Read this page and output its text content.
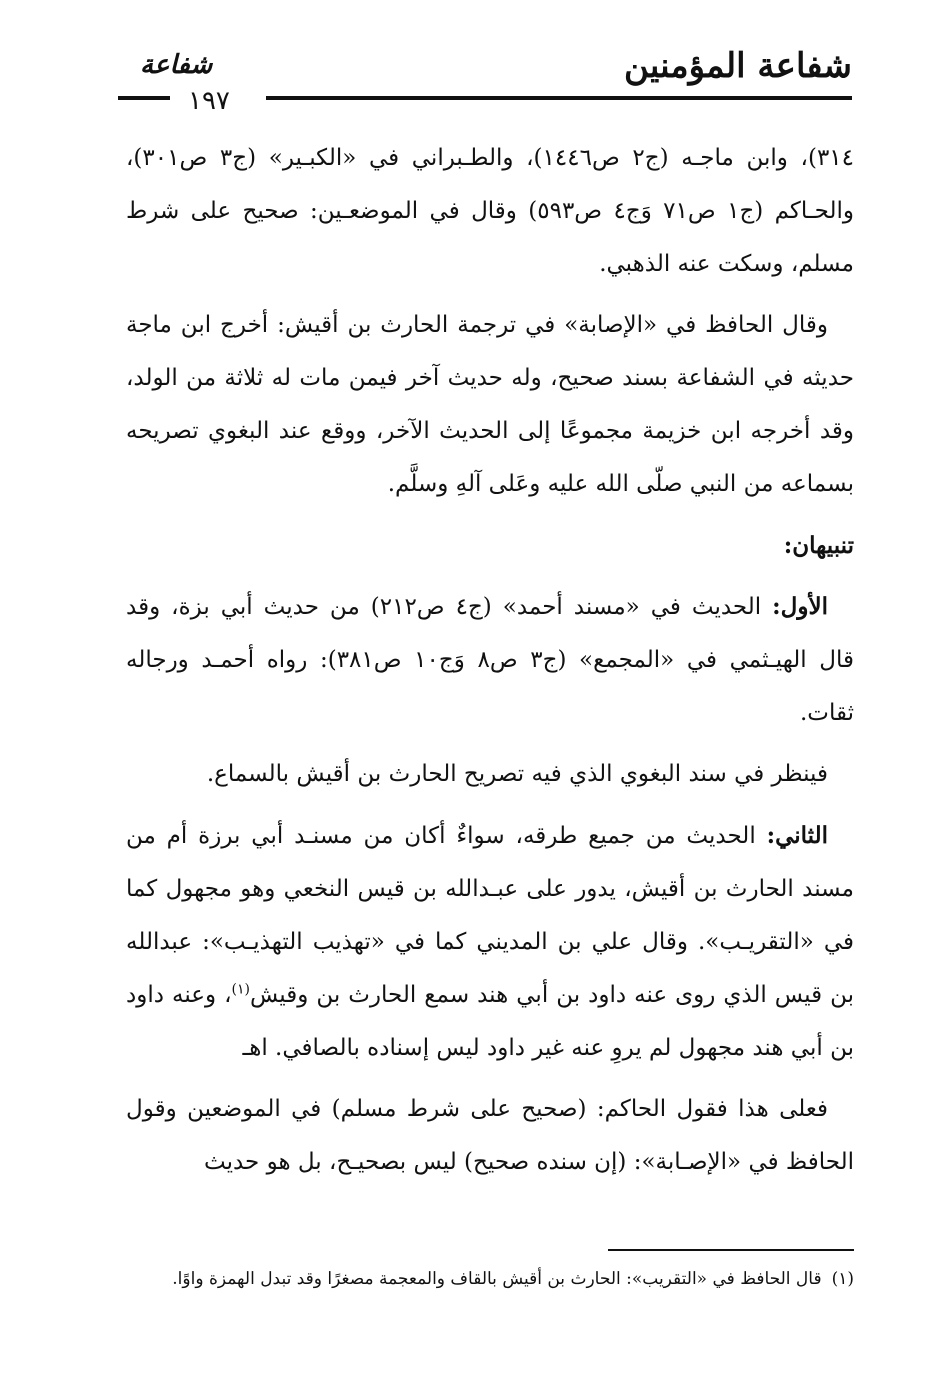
شفاعة المؤمنين
شفاعة
١٩٧

٣١٤)، وابن ماجـه (ج٢ ص١٤٤٦)، والطـبراني في «الكبـير» (ج٣ ص٣٠١)، والحـاكم (ج١ ص٧١ وَج٤ ص٥٩٣) وقال في الموضعـين: صحيح على شرط مسلم، وسكت عنه الذهبي.

وقال الحافظ في «الإصابة» في ترجمة الحارث بن أقيش: أخرج ابن ماجة حديثه في الشفاعة بسند صحيح، وله حديث آخر فيمن مات له ثلاثة من الولد، وقد أخرجه ابن خزيمة مجموعًا إلى الحديث الآخر، ووقع عند البغوي تصريحه بسماعه من النبي صلّى الله عليه وعَلى آلهِ وسلَّم.

تنبيهان:

الأول: الحديث في «مسند أحمد» (ج٤ ص٢١٢) من حديث أبي بزة، وقد قال الهيـثمي في «المجمع» (ج٣ ص٨ وَج١٠ ص٣٨١): رواه أحمـد ورجاله ثقات.

فينظر في سند البغوي الذي فيه تصريح الحارث بن أقيش بالسماع.

الثاني: الحديث من جميع طرقه، سواءٌ أكان من مسنـد أبي برزة أم من مسند الحارث بن أقيش، يدور على عبـدالله بن قيس النخعي وهو مجهول كما في «التقريـب». وقال علي بن المديني كما في «تهذيب التهذيـب»: عبدالله بن قيس الذي روى عنه داود بن أبي هند سمع الحارث بن وقيش$^{(١)}$، وعنه داود بن أبي هند مجهول لم يروِ عنه غير داود ليس إسناده بالصافي. اهـ

فعلى هذا فقول الحاكم: (صحيح على شرط مسلم) في الموضعين وقول الحافظ في «الإصـابة»: (إن سنده صحيح) ليس بصحيـح، بل هو حديث

(١)قال الحافظ في «التقريب»: الحارث بن أقيش بالقاف والمعجمة مصغرًا وقد تبدل الهمزة واوًا.
